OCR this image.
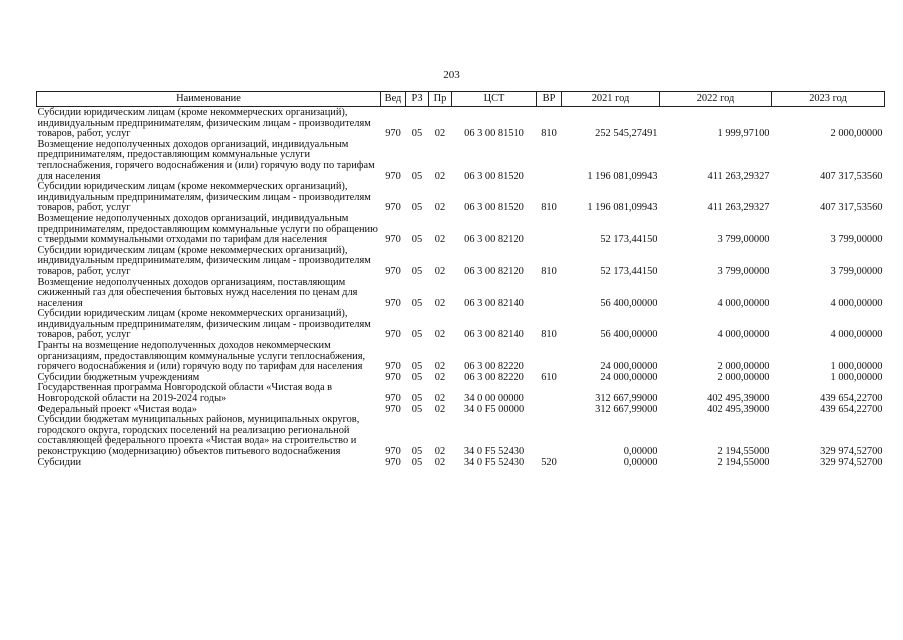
203
Наименование	Вед	РЗ	Пр	ЦСТ	ВР	2021 год	2022 год	2023 год
Субсидии юридическим лицам (кроме некоммерческих организаций), индивидуальным предпринимателям, физическим лицам - производителям товаров, работ, услуг	970	05	02	06 3 00 81510	810	252 545,27491	1 999,97100	2 000,00000
Возмещение недополученных доходов организаций, индивидуальным предпринимателям, предоставляющим коммунальные услуги теплоснабжения, горячего водоснабжения и (или) горячую воду по тарифам для населения	970	05	02	06 3 00 81520		1 196 081,09943	411 263,29327	407 317,53560
Субсидии юридическим лицам (кроме некоммерческих организаций), индивидуальным предпринимателям, физическим лицам - производителям товаров, работ, услуг	970	05	02	06 3 00 81520	810	1 196 081,09943	411 263,29327	407 317,53560
Возмещение недополученных доходов организаций, индивидуальным предпринимателям, предоставляющим коммунальные услуги по обращению с твердыми коммунальными отходами по тарифам для населения	970	05	02	06 3 00 82120		52 173,44150	3 799,00000	3 799,00000
Субсидии юридическим лицам (кроме некоммерческих организаций), индивидуальным предпринимателям, физическим лицам - производителям товаров, работ, услуг	970	05	02	06 3 00 82120	810	52 173,44150	3 799,00000	3 799,00000
Возмещение недополученных доходов организациям, поставляющим сжиженный газ для обеспечения бытовых нужд населения по ценам для населения	970	05	02	06 3 00 82140		56 400,00000	4 000,00000	4 000,00000
Субсидии юридическим лицам (кроме некоммерческих организаций), индивидуальным предпринимателям, физическим лицам - производителям товаров, работ, услуг	970	05	02	06 3 00 82140	810	56 400,00000	4 000,00000	4 000,00000
Гранты на возмещение недополученных доходов некоммерческим организациям, предоставляющим коммунальные услуги теплоснабжения, горячего водоснабжения и (или) горячую воду по тарифам для населения	970	05	02	06 3 00 82220		24 000,00000	2 000,00000	1 000,00000
Субсидии бюджетным учреждениям	970	05	02	06 3 00 82220	610	24 000,00000	2 000,00000	1 000,00000
Государственная программа Новгородской области «Чистая вода в Новгородской области на 2019-2024 годы»	970	05	02	34 0 00 00000		312 667,99000	402 495,39000	439 654,22700
Федеральный проект «Чистая вода»	970	05	02	34 0 F5 00000		312 667,99000	402 495,39000	439 654,22700
Субсидии бюджетам муниципальных районов, муниципальных округов, городского округа, городских поселений на реализацию региональной составляющей федерального проекта «Чистая вода» на строительство и реконструкцию (модернизацию) объектов питьевого водоснабжения	970	05	02	34 0 F5 52430		0,00000	2 194,55000	329 974,52700
Субсидии	970	05	02	34 0 F5 52430	520	0,00000	2 194,55000	329 974,52700
